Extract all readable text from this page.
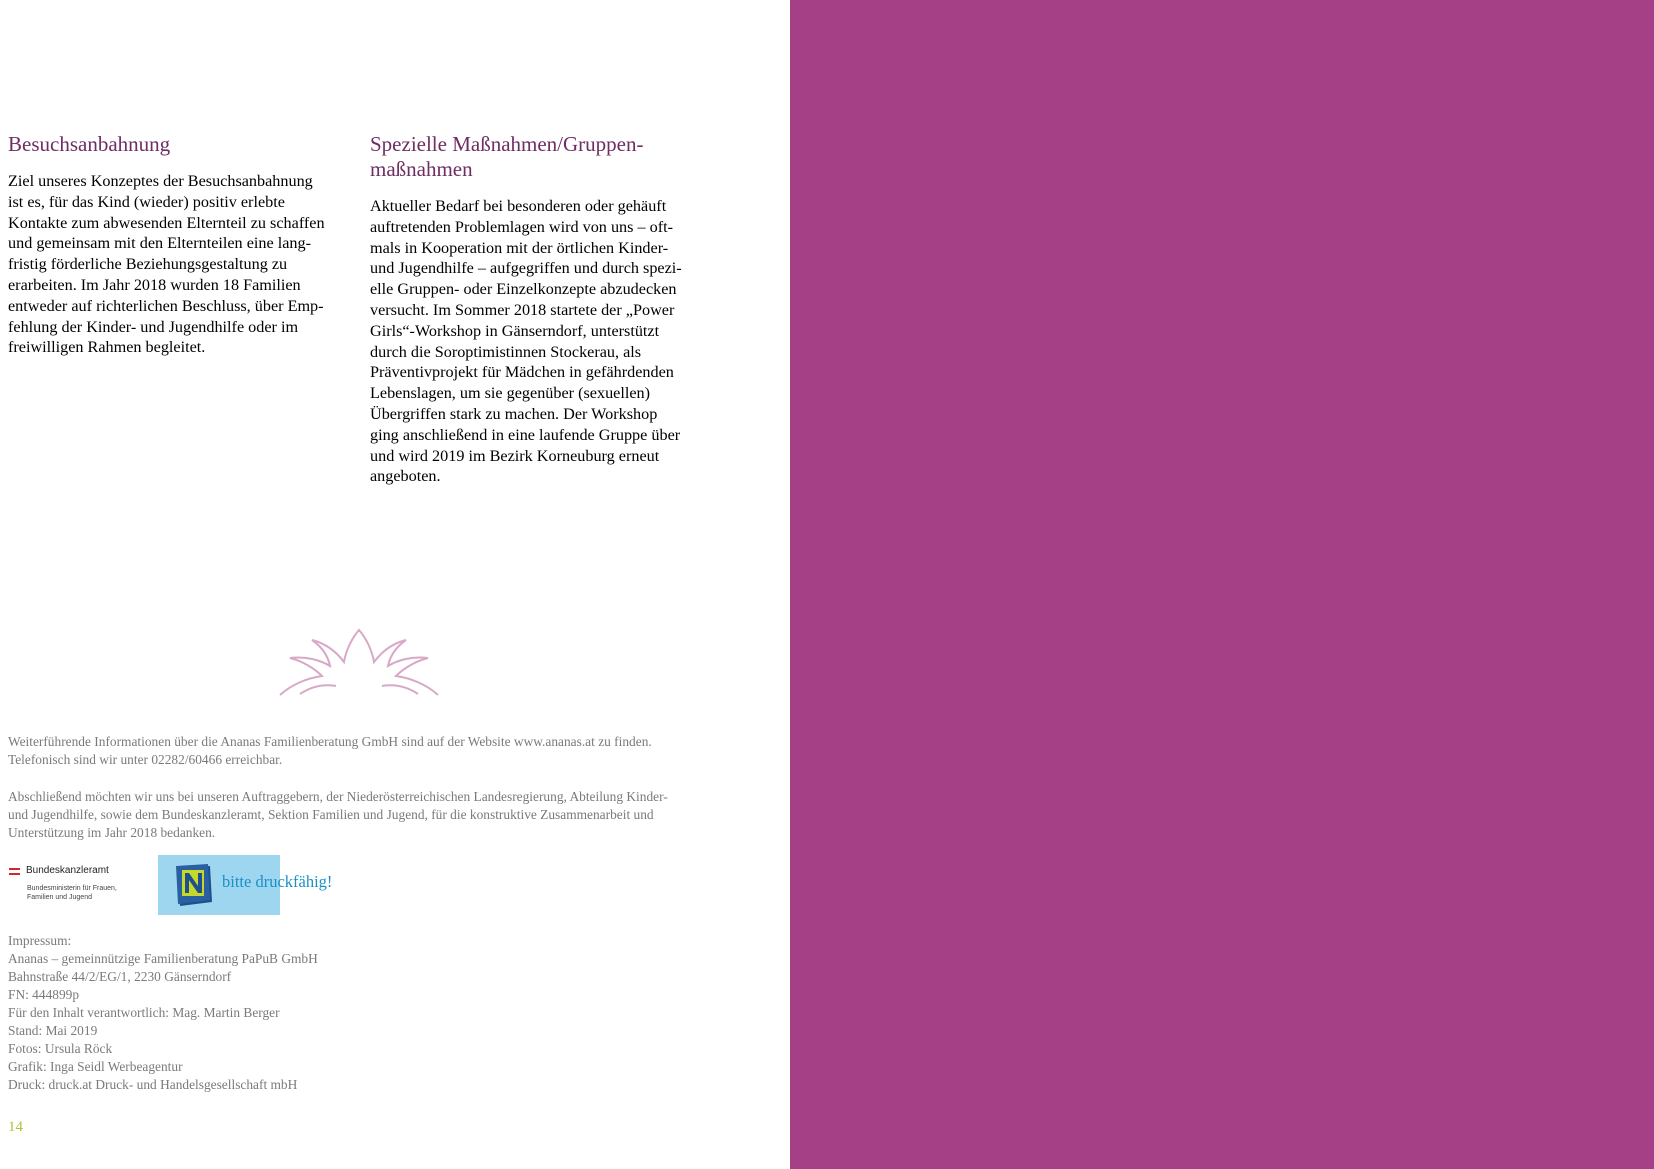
Besuchsanbahnung

Ziel unseres Konzeptes der Besuchsanbahnung
ist es, für das Kind (wieder) positiv erlebte
Kontakte zum abwesenden Elternteil zu schaffen
und gemeinsam mit den Elternteilen eine lang-
fristig förderliche Beziehungsgestaltung zu
erarbeiten. Im Jahr 2018 wurden 18 Familien
entweder auf richterlichen Beschluss, über Emp-
fehlung der Kinder- und Jugendhilfe oder im
freiwilligen Rahmen begleitet.

Spezielle Maßnahmen/Gruppen-
maßnahmen

Aktueller Bedarf bei besonderen oder gehäuft
auftretenden Problemlagen wird von uns – oft-
mals in Kooperation mit der örtlichen Kinder-
und Jugendhilfe – aufgegriffen und durch spezi-
elle Gruppen- oder Einzelkonzepte abzudecken
versucht. Im Sommer 2018 startete der „Power
Girls“-Workshop in Gänserndorf, unterstützt
durch die Soroptimistinnen Stockerau, als
Präventivprojekt für Mädchen in gefährdenden
Lebenslagen, um sie gegenüber (sexuellen)
Übergriffen stark zu machen. Der Workshop
ging anschließend in eine laufende Gruppe über
und wird 2019 im Bezirk Korneuburg erneut
angeboten.

Weiterführende Informationen über die Ananas Familienberatung GmbH sind auf der Website www.ananas.at zu finden.
Telefonisch sind wir unter 02282/60466 erreichbar.

Abschließend möchten wir uns bei unseren Auftraggebern, der Niederösterreichischen Landesregierung, Abteilung Kinder-
und Jugendhilfe, sowie dem Bundeskanzleramt, Sektion Familien und Jugend, für die konstruktive Zusammenarbeit und
Unterstützung im Jahr 2018 bedanken.

Bundeskanzleramt
Bundesministerin für Frauen,
Familien und Jugend
bitte druckfähig!
Impressum:
Ananas – gemeinnützige Familienberatung PaPuB GmbH
Bahnstraße 44/2/EG/1, 2230 Gänserndorf
FN: 444899p
Für den Inhalt verantwortlich: Mag. Martin Berger
Stand: Mai 2019
Fotos: Ursula Röck
Grafik: Inga Seidl Werbeagentur
Druck: druck.at Druck- und Handelsgesellschaft mbH
14
